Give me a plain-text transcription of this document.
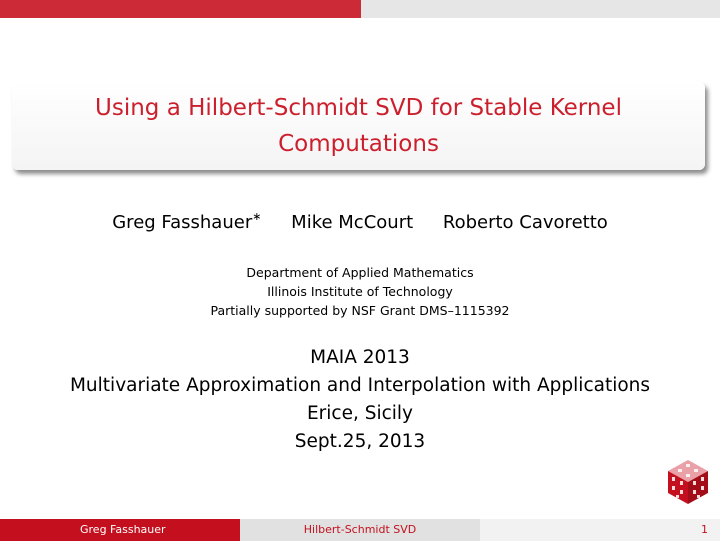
Using a Hilbert-Schmidt SVD for Stable Kernel Computations
Greg Fasshauer∗ Mike McCourt Roberto Cavoretto
Department of Applied Mathematics
Illinois Institute of Technology
Partially supported by NSF Grant DMS–1115392
MAIA 2013
Multivariate Approximation and Interpolation with Applications
Erice, Sicily
Sept.25, 2013
Greg Fasshauer	Hilbert-Schmidt SVD	1
